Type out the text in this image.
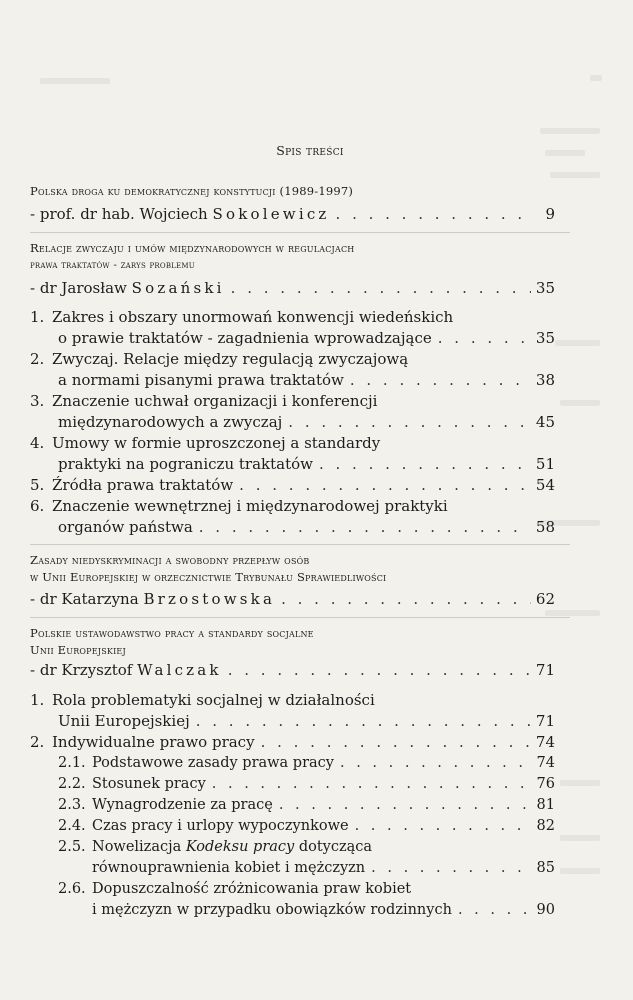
Spis treści
Polska droga ku demokratycznej konstytucji (1989-1997)
- prof. dr hab. Wojciech
Sokolewicz . . .	9
Relacje zwyczaju i umów międzynarodowych w regulacjach
prawa traktatów - zarys problemu
- dr Jarosław
Sozański . . .	35
1. Zakres i obszary unormowań konwencji wiedeńskich
o prawie traktatów - zagadnienia wprowadzające . . .	35
2. Zwyczaj. Relacje między regulacją zwyczajową
a normami pisanymi prawa traktatów . . .	38
3. Znaczenie uchwał organizacji i konferencji
międzynarodowych a zwyczaj . . .	45
4. Umowy w formie uproszczonej a standardy
praktyki na pograniczu traktatów . . .	51
5. Źródła prawa traktatów . . .	54
6. Znaczenie wewnętrznej i międzynarodowej praktyki
organów państwa . . .	58
Zasady niedyskryminacji a swobodny przepływ osób
w Unii Europejskiej w orzecznictwie Trybunału Sprawiedliwości
- dr Katarzyna
Brzostowska . . .	62
Polskie ustawodawstwo pracy a standardy socjalne
Unii Europejskiej
- dr Krzysztof
Walczak . . .	71
1. Rola problematyki socjalnej w działalności
Unii Europejskiej . . .	71
2. Indywidualne prawo pracy . . .	74
2.1. Podstawowe zasady prawa pracy . . .	74
2.2. Stosunek pracy . . .	76
2.3. Wynagrodzenie za pracę . . .	81
2.4. Czas pracy i urlopy wypoczynkowe . . .	82
2.5. Nowelizacja Kodeksu pracy dotycząca
równouprawnienia kobiet i mężczyzn . . .	85
2.6. Dopuszczalność zróżnicowania praw kobiet
i mężczyzn w przypadku obowiązków rodzinnych . . .	90
